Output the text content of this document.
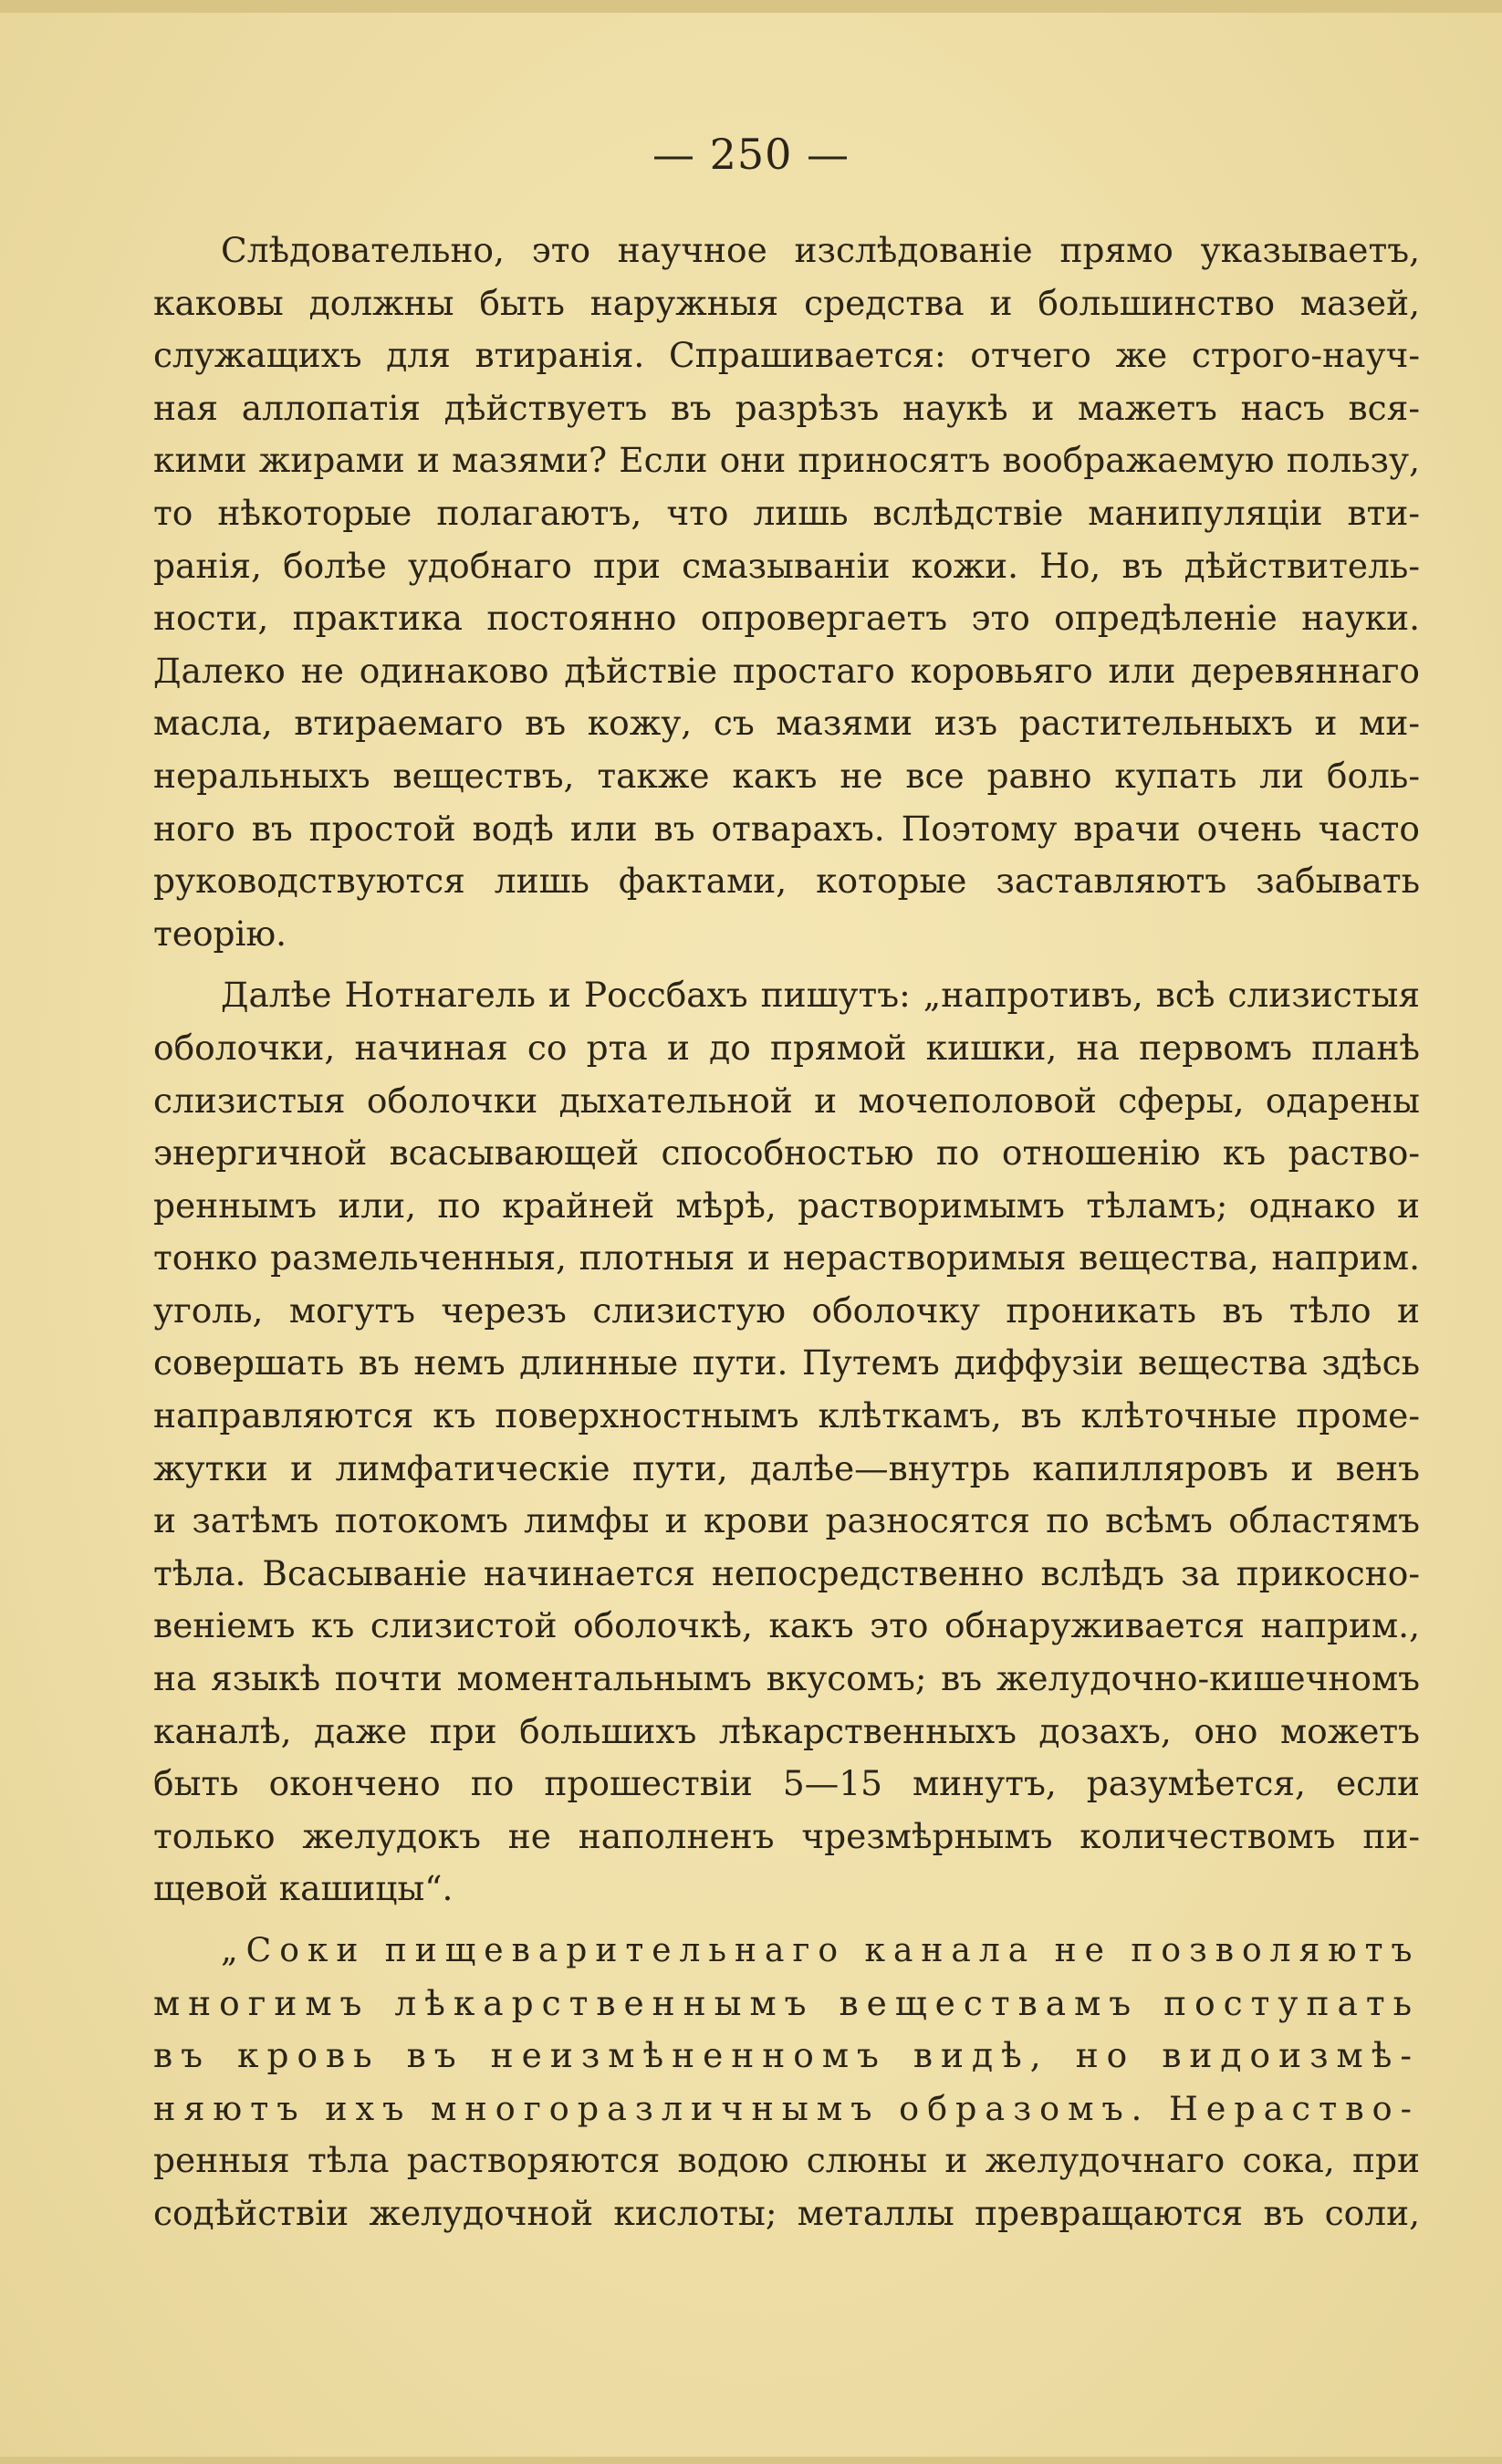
— 250 —
Слѣдовательно, это научное изслѣдованіе прямо указываетъ,
каковы должны быть наружныя средства и большинство мазей,
служащихъ для втиранія. Спрашивается: отчего же строго-науч-
ная аллопатія дѣйствуетъ въ разрѣзъ наукѣ и мажетъ насъ вся-
кими жирами и мазями? Если они приносятъ воображаемую пользу,
то нѣкоторые полагаютъ, что лишь вслѣдствіе манипуляціи вти-
ранія, болѣе удобнаго при смазываніи кожи. Но, въ дѣйствитель-
ности, практика постоянно опровергаетъ это опредѣленіе науки.
Далеко не одинаково дѣйствіе простаго коровьяго или деревяннаго
масла, втираемаго въ кожу, съ мазями изъ растительныхъ и ми-
неральныхъ веществъ, также какъ не все равно купать ли боль-
ного въ простой водѣ или въ отварахъ. Поэтому врачи очень часто
руководствуются лишь фактами, которые заставляютъ забывать
теорію.
Далѣе Нотнагель и Россбахъ пишутъ: „напротивъ, всѣ слизистыя
оболочки, начиная со рта и до прямой кишки, на первомъ планѣ
слизистыя оболочки дыхательной и мочеполовой сферы, одарены
энергичной всасывающей способностью по отношенію къ раство-
реннымъ или, по крайней мѣрѣ, растворимымъ тѣламъ; однако и
тонко размельченныя, плотныя и нерастворимыя вещества, наприм.
уголь, могутъ черезъ слизистую оболочку проникать въ тѣло и
совершать въ немъ длинные пути. Путемъ диффузіи вещества здѣсь
направляются къ поверхностнымъ клѣткамъ, въ клѣточные проме-
жутки и лимфатическіе пути, далѣе—внутрь капилляровъ и венъ
и затѣмъ потокомъ лимфы и крови разносятся по всѣмъ областямъ
тѣла. Всасываніе начинается непосредственно вслѣдъ за прикосно-
веніемъ къ слизистой оболочкѣ, какъ это обнаруживается наприм.,
на языкѣ почти моментальнымъ вкусомъ; въ желудочно-кишечномъ
каналѣ, даже при большихъ лѣкарственныхъ дозахъ, оно можетъ
быть окончено по прошествіи 5—15 минутъ, разумѣется, если
только желудокъ не наполненъ чрезмѣрнымъ количествомъ пи-
щевой кашицы“.
„Соки пищеварительнаго канала не позволяютъ
многимъ лѣкарственнымъ веществамъ поступать
въ кровь въ неизмѣненномъ видѣ, но видоизмѣ-
няютъ ихъ многоразличнымъ образомъ. Нераство-
ренныя тѣла растворяются водою слюны и желудочнаго сока, при
содѣйствіи желудочной кислоты; металлы превращаются въ соли,
